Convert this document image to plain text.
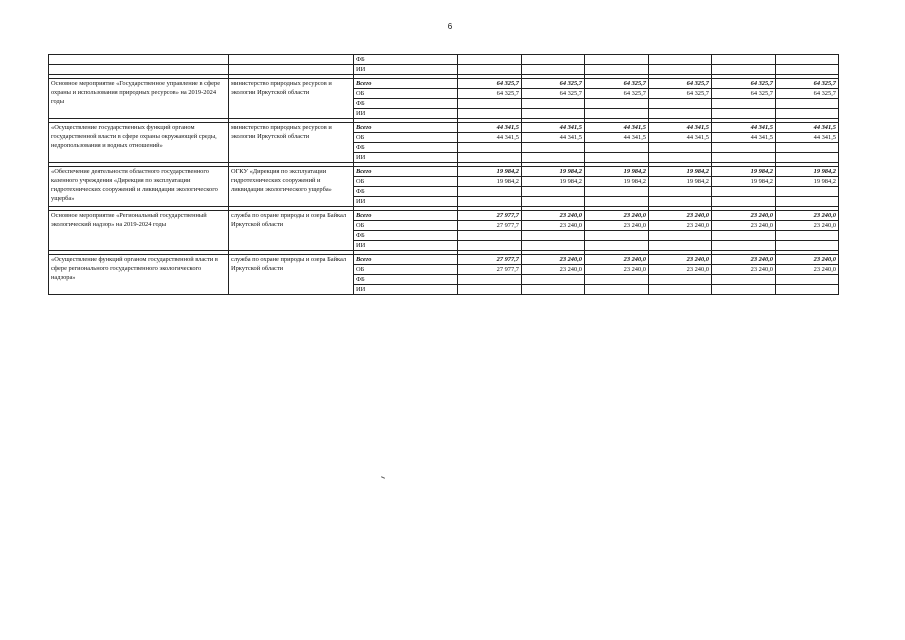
6
		ФБ						
		ИИ						

Основное мероприятие «Государственное управление в сфере охраны и использования природных ресурсов» на 2019-2024 годы	министерство природных ресурсов и экологии Иркутской области	Всего	64 325,7	64 325,7	64 325,7	64 325,7	64 325,7	64 325,7
		ОБ	64 325,7	64 325,7	64 325,7	64 325,7	64 325,7	64 325,7
		ФБ						
		ИИ						

«Осуществление государственных функций органом государственной власти в сфере охраны окружающей среды, недропользования и водных отношений»	министерство природных ресурсов и экологии Иркутской области	Всего	44 341,5	44 341,5	44 341,5	44 341,5	44 341,5	44 341,5
		ОБ	44 341,5	44 341,5	44 341,5	44 341,5	44 341,5	44 341,5
		ФБ						
		ИИ						

«Обеспечение деятельности областного государственного казенного учреждения «Дирекция по эксплуатации гидротехнических сооружений и ликвидации экологического ущерба»	ОГКУ «Дирекция по эксплуатации гидротехнических сооружений и ликвидации экологического ущерба»	Всего	19 984,2	19 984,2	19 984,2	19 984,2	19 984,2	19 984,2
		ОБ	19 984,2	19 984,2	19 984,2	19 984,2	19 984,2	19 984,2
		ФБ						
		ИИ						

Основное мероприятие «Региональный государственный экологический надзор» на 2019-2024 годы	служба по охране природы и озера Байкал Иркутской области	Всего	27 977,7	23 240,0	23 240,0	23 240,0	23 240,0	23 240,0
		ОБ	27 977,7	23 240,0	23 240,0	23 240,0	23 240,0	23 240,0
		ФБ						
		ИИ						

«Осуществление функций органом государственной власти в сфере регионального государственного экологического надзора»	служба по охране природы и озера Байкал Иркутской области	Всего	27 977,7	23 240,0	23 240,0	23 240,0	23 240,0	23 240,0
		ОБ	27 977,7	23 240,0	23 240,0	23 240,0	23 240,0	23 240,0
		ФБ						
		ИИ						
